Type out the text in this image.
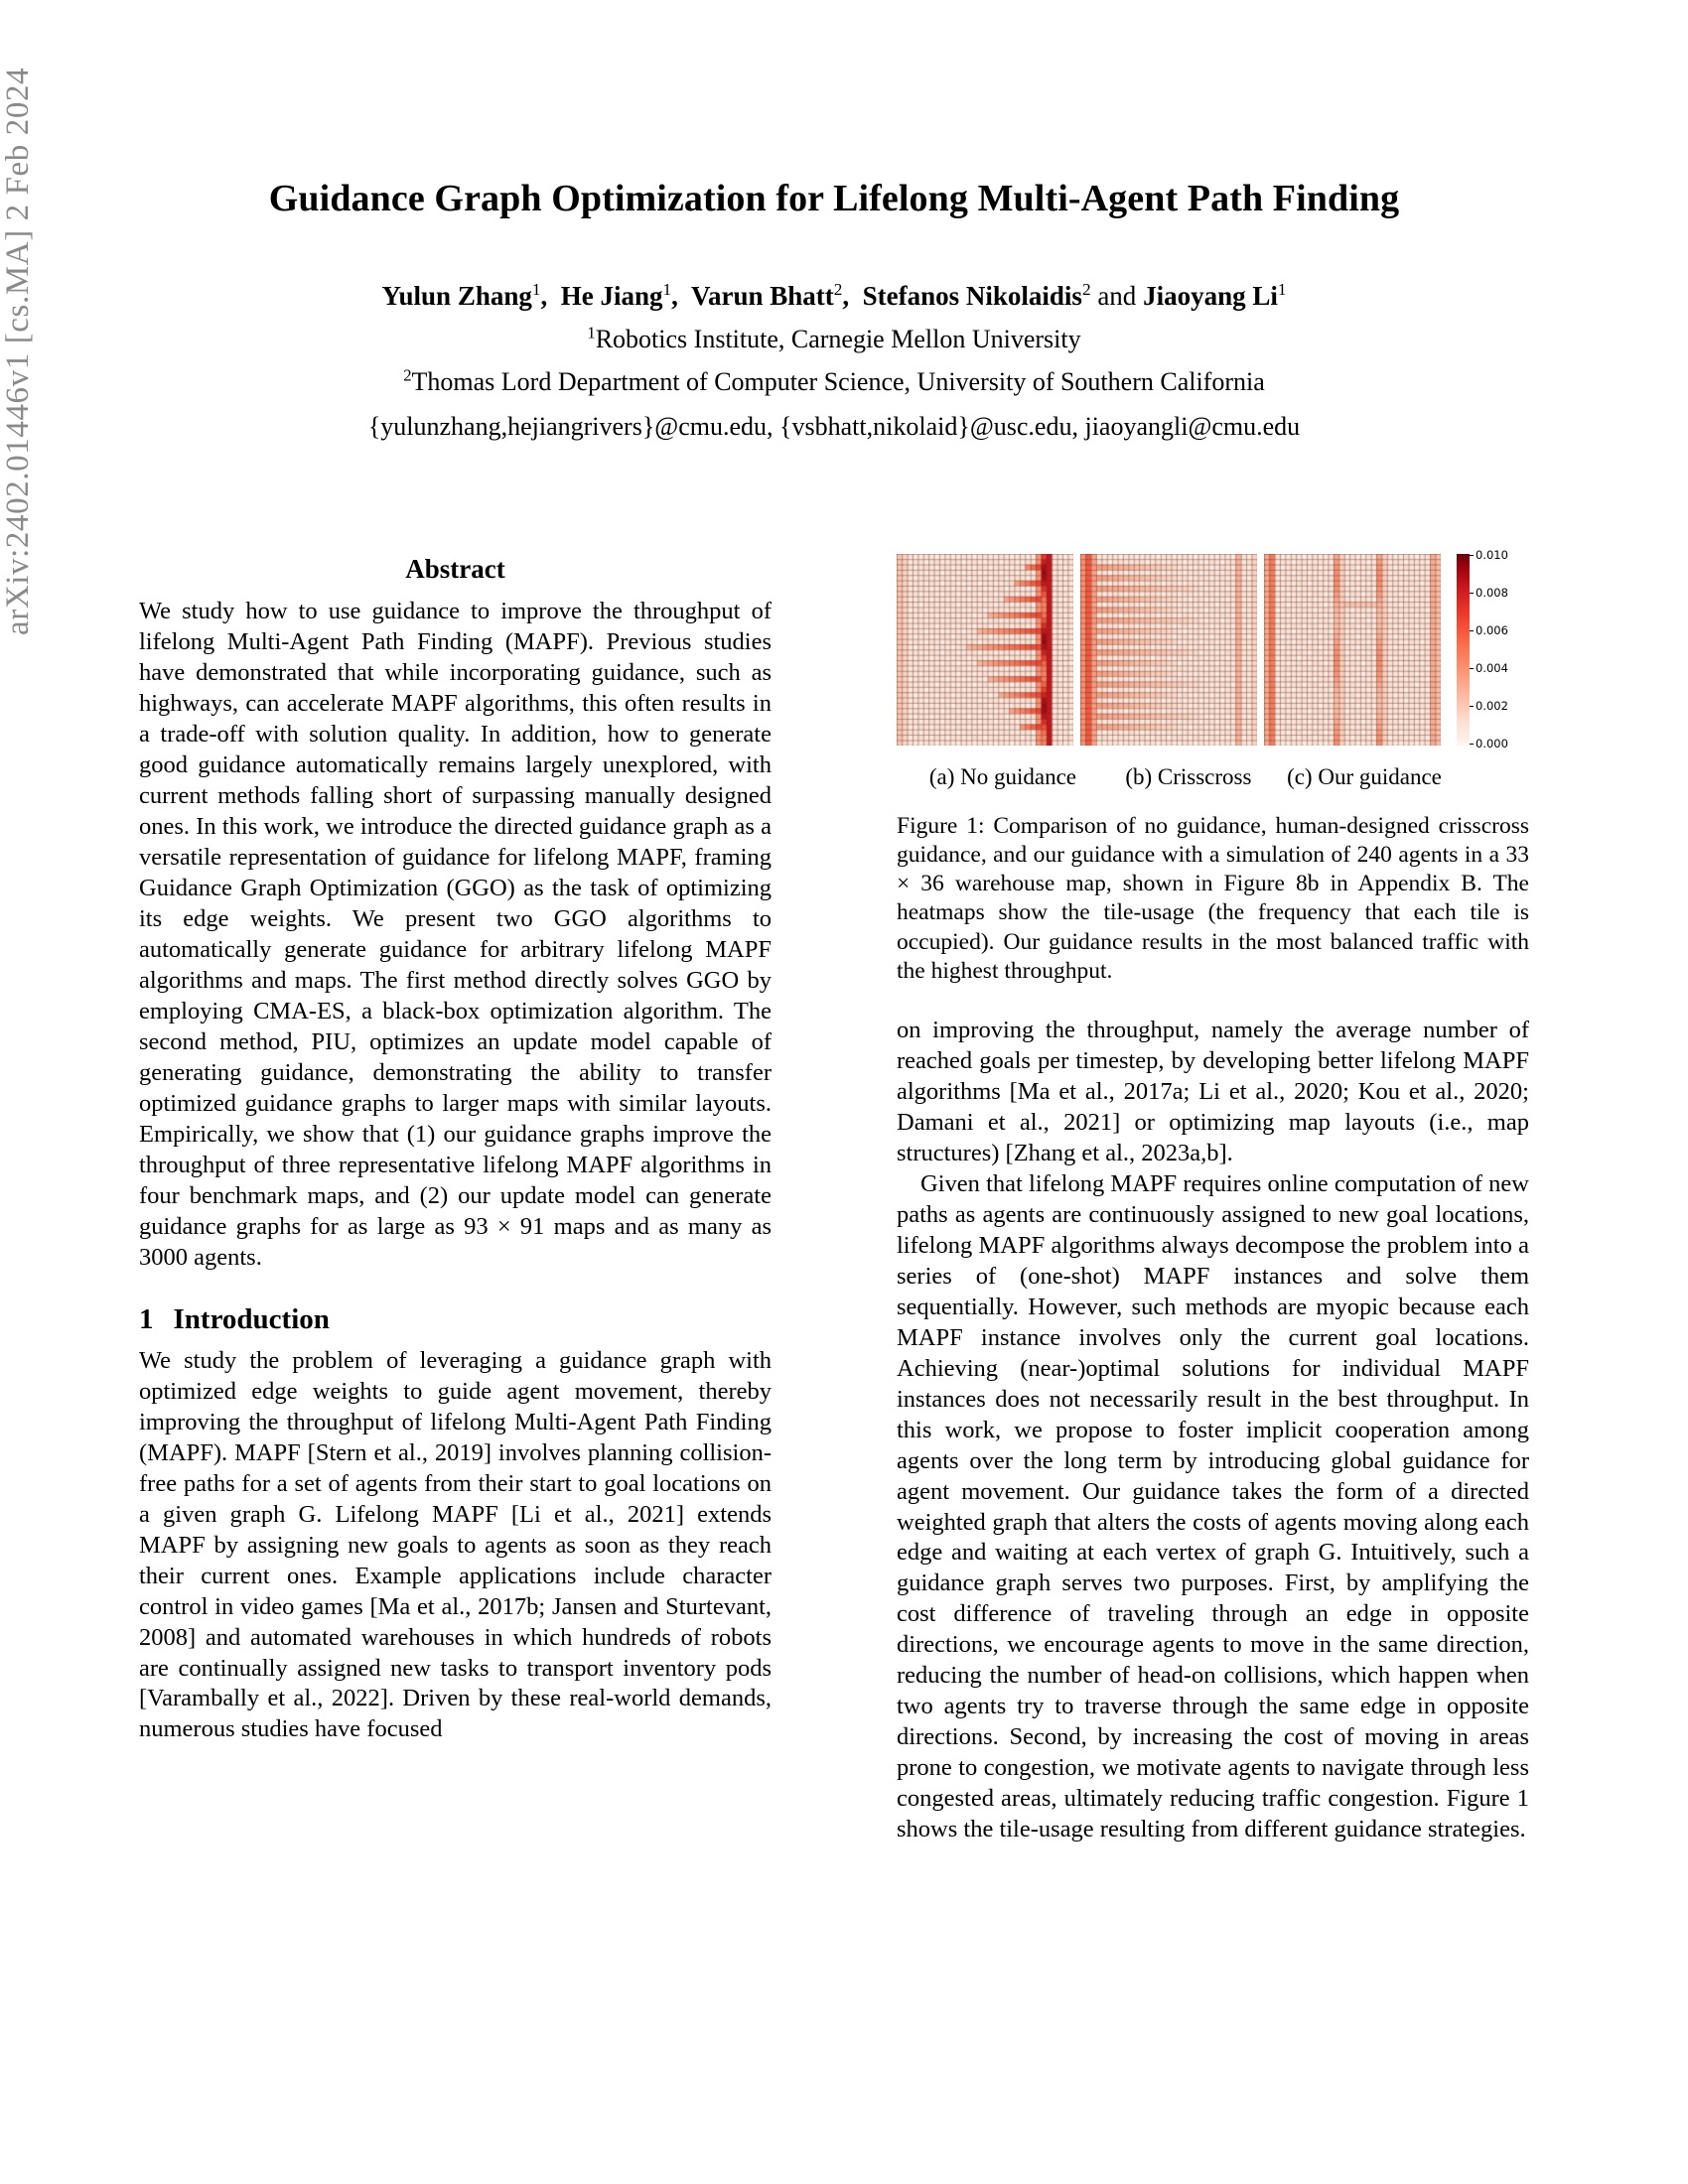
arXiv:2402.01446v1 [cs.MA] 2 Feb 2024	Guidance Graph Optimization for Lifelong Multi-Agent Path Finding
Yulun Zhang$^1$,  He Jiang$^1$,  Varun Bhatt$^2$,  Stefanos Nikolaidis$^2$ and Jiaoyang Li$^1$
$^1$Robotics Institute, Carnegie Mellon University
$^2$Thomas Lord Department of Computer Science, University of Southern California
{yulunzhang,hejiangrivers}@cmu.edu, {vsbhatt,nikolaid}@usc.edu, jiaoyangli@cmu.edu
Abstract

We study how to use guidance to improve the throughput of lifelong Multi-Agent Path Finding (MAPF). Previous studies have demonstrated that while incorporating guidance, such as highways, can accelerate MAPF algorithms, this often results in a trade-off with solution quality. In addition, how to generate good guidance automatically remains largely unexplored, with current methods falling short of surpassing manually designed ones. In this work, we introduce the directed guidance graph as a versatile representation of guidance for lifelong MAPF, framing Guidance Graph Optimization (GGO) as the task of optimizing its edge weights. We present two GGO algorithms to automatically generate guidance for arbitrary lifelong MAPF algorithms and maps. The first method directly solves GGO by employing CMA-ES, a black-box optimization algorithm. The second method, PIU, optimizes an update model capable of generating guidance, demonstrating the ability to transfer optimized guidance graphs to larger maps with similar layouts. Empirically, we show that (1) our guidance graphs improve the throughput of three representative lifelong MAPF algorithms in four benchmark maps, and (2) our update model can generate guidance graphs for as large as 93 × 91 maps and as many as 3000 agents.

1 Introduction

We study the problem of leveraging a guidance graph with optimized edge weights to guide agent movement, thereby improving the throughput of lifelong Multi-Agent Path Finding (MAPF). MAPF [Stern et al., 2019] involves planning collision-free paths for a set of agents from their start to goal locations on a given graph G. Lifelong MAPF [Li et al., 2021] extends MAPF by assigning new goals to agents as soon as they reach their current ones. Example applications include character control in video games [Ma et al., 2017b; Jansen and Sturtevant, 2008] and automated warehouses in which hundreds of robots are continually assigned new tasks to transport inventory pods [Varambally et al., 2022]. Driven by these real-world demands, numerous studies have focused

0.010
0.008
0.006
0.004
0.002
0.000
(a) No guidance	(b) Crisscross	(c) Our guidance
Figure 1: Comparison of no guidance, human-designed crisscross guidance, and our guidance with a simulation of 240 agents in a 33 × 36 warehouse map, shown in Figure 8b in Appendix B. The heatmaps show the tile-usage (the frequency that each tile is occupied). Our guidance results in the most balanced traffic with the highest throughput.

on improving the throughput, namely the average number of reached goals per timestep, by developing better lifelong MAPF algorithms [Ma et al., 2017a; Li et al., 2020; Kou et al., 2020; Damani et al., 2021] or optimizing map layouts (i.e., map structures) [Zhang et al., 2023a,b].

Given that lifelong MAPF requires online computation of new paths as agents are continuously assigned to new goal locations, lifelong MAPF algorithms always decompose the problem into a series of (one-shot) MAPF instances and solve them sequentially. However, such methods are myopic because each MAPF instance involves only the current goal locations. Achieving (near-)optimal solutions for individual MAPF instances does not necessarily result in the best throughput. In this work, we propose to foster implicit cooperation among agents over the long term by introducing global guidance for agent movement. Our guidance takes the form of a directed weighted graph that alters the costs of agents moving along each edge and waiting at each vertex of graph G. Intuitively, such a guidance graph serves two purposes. First, by amplifying the cost difference of traveling through an edge in opposite directions, we encourage agents to move in the same direction, reducing the number of head-on collisions, which happen when two agents try to traverse through the same edge in opposite directions. Second, by increasing the cost of moving in areas prone to congestion, we motivate agents to navigate through less congested areas, ultimately reducing traffic congestion. Figure 1 shows the tile-usage resulting from different guidance strategies.
